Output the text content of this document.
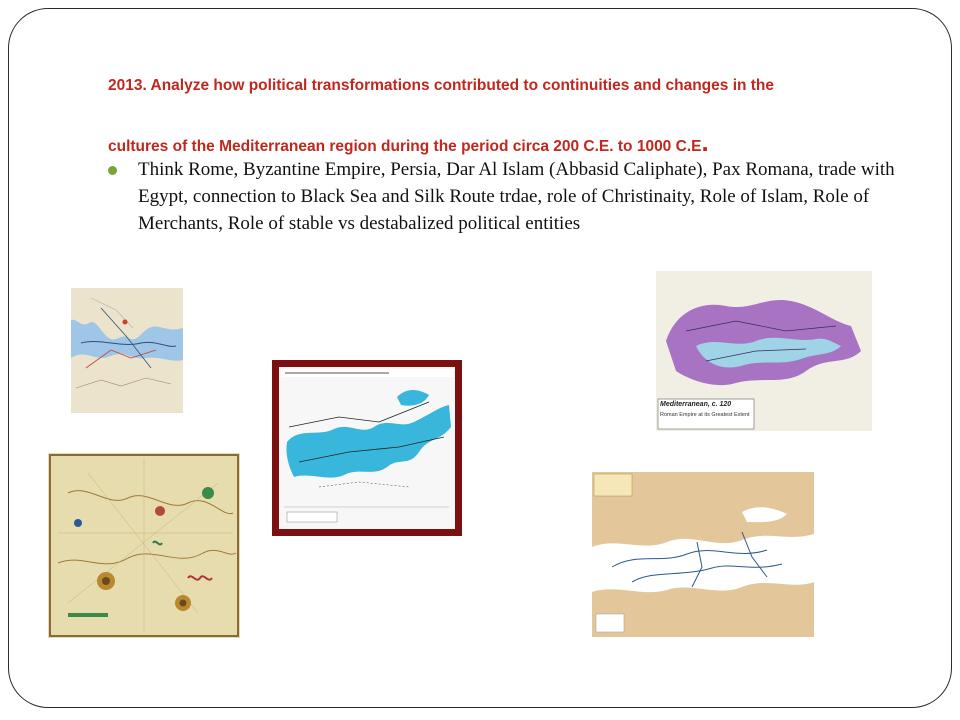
2013. Analyze how political transformations contributed to continuities and changes in the
cultures of the Mediterranean region during the period circa 200 C.E. to 1000 C.E.

Think Rome, Byzantine Empire, Persia, Dar Al Islam (Abbasid Caliphate), Pax Romana, trade with Egypt, connection to Black Sea and Silk Route trdae, role of Christinaity, Role of Islam, Role of Merchants, Role of stable vs destabalized political entities

Mediterranean, c. 120
Roman Empire at its Greatest Extent
